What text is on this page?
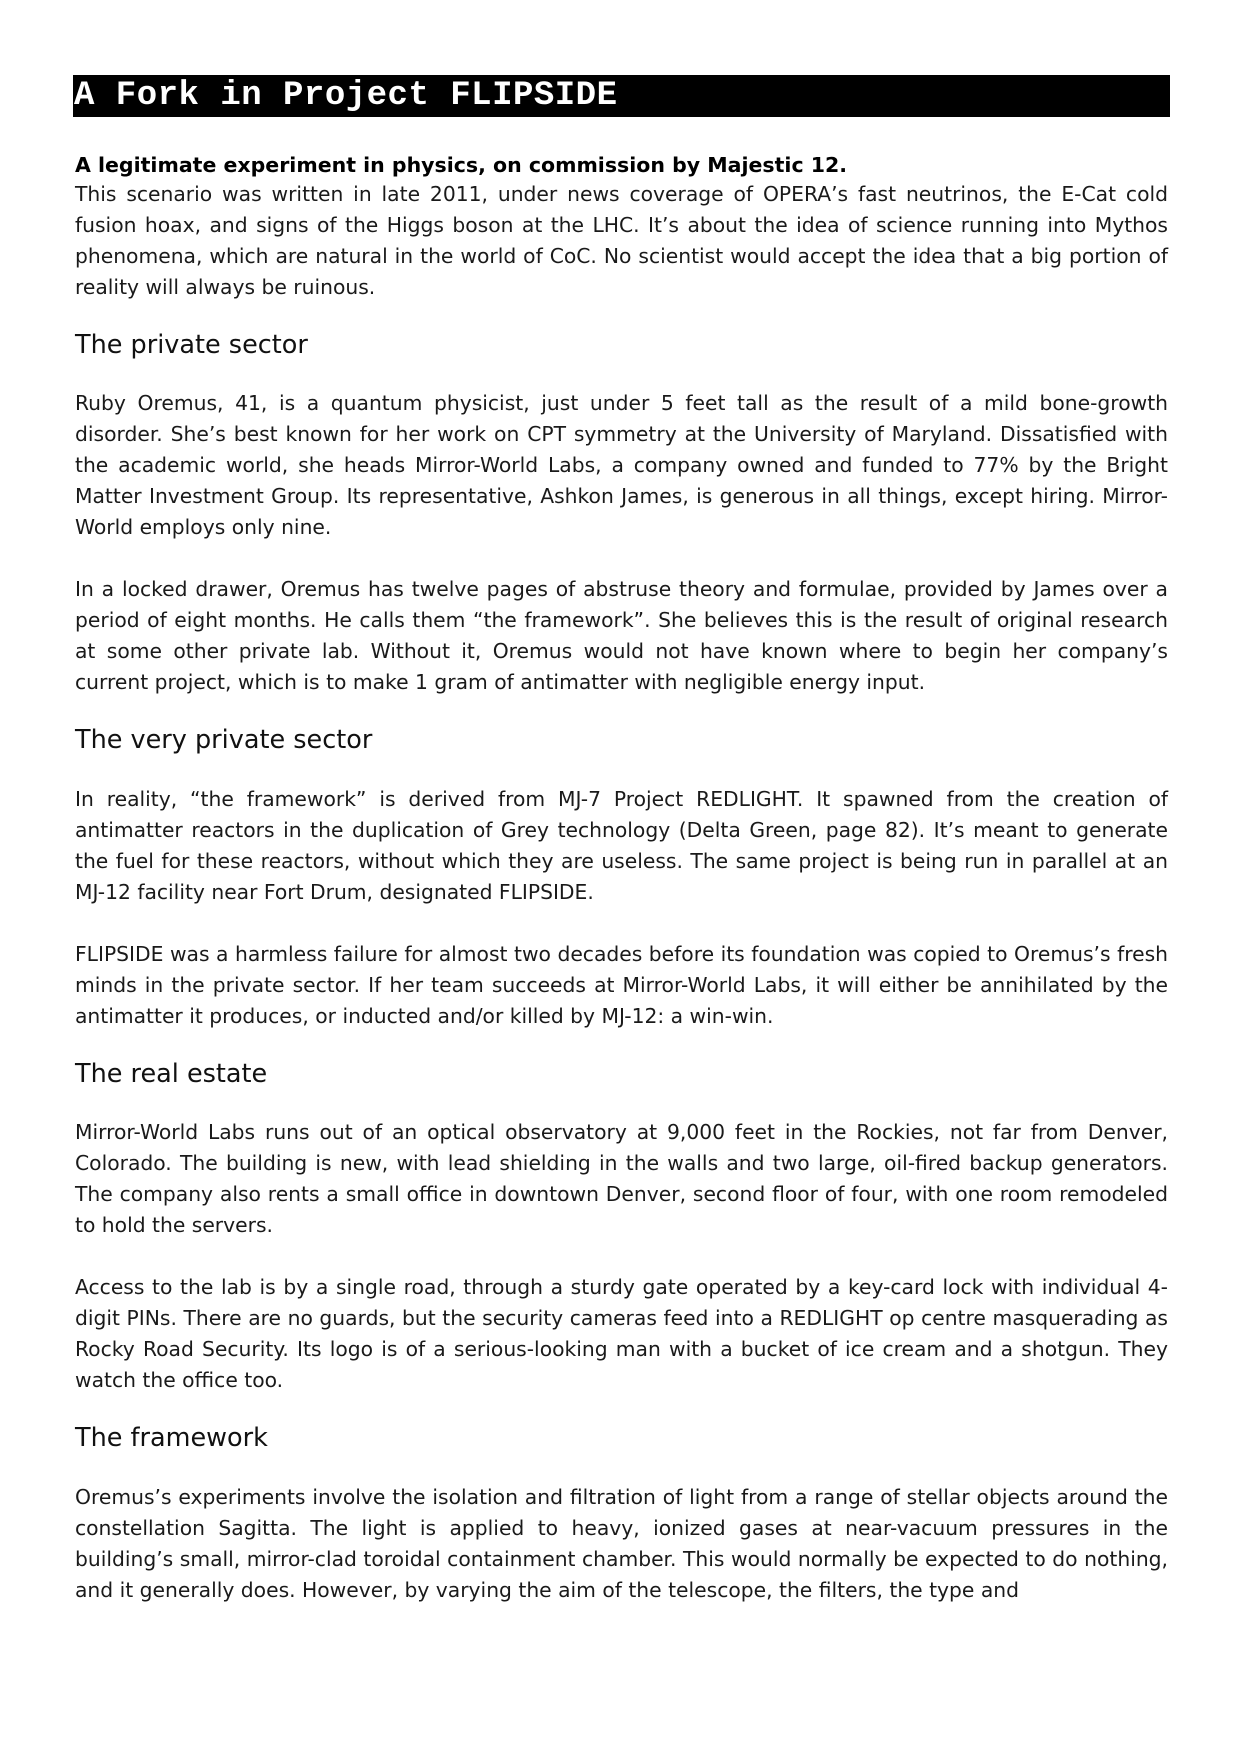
A Fork in Project FLIPSIDE
A legitimate experiment in physics, on commission by Majestic 12.

This scenario was written in late 2011, under news coverage of OPERA’s fast neutrinos, the E-Cat cold fusion hoax, and signs of the Higgs boson at the LHC. It’s about the idea of science running into Mythos phenomena, which are natural in the world of CoC. No scientist would accept the idea that a big portion of reality will always be ruinous.

The private sector

Ruby Oremus, 41, is a quantum physicist, just under 5 feet tall as the result of a mild bone-growth disorder. She’s best known for her work on CPT symmetry at the University of Maryland. Dissatisfied with the academic world, she heads Mirror-World Labs, a company owned and funded to 77% by the Bright Matter Investment Group. Its representative, Ashkon James, is generous in all things, except hiring. Mirror-World employs only nine.

In a locked drawer, Oremus has twelve pages of abstruse theory and formulae, provided by James over a period of eight months. He calls them “the framework”. She believes this is the result of original research at some other private lab. Without it, Oremus would not have known where to begin her company’s current project, which is to make 1 gram of antimatter with negligible energy input.

The very private sector

In reality, “the framework” is derived from MJ-7 Project REDLIGHT. It spawned from the creation of antimatter reactors in the duplication of Grey technology (Delta Green, page 82). It’s meant to generate the fuel for these reactors, without which they are useless. The same project is being run in parallel at an MJ-12 facility near Fort Drum, designated FLIPSIDE.

FLIPSIDE was a harmless failure for almost two decades before its foundation was copied to Oremus’s fresh minds in the private sector. If her team succeeds at Mirror-World Labs, it will either be annihilated by the antimatter it produces, or inducted and/or killed by MJ-12: a win-win.

The real estate

Mirror-World Labs runs out of an optical observatory at 9,000 feet in the Rockies, not far from Denver, Colorado. The building is new, with lead shielding in the walls and two large, oil-fired backup generators. The company also rents a small office in downtown Denver, second floor of four, with one room remodeled to hold the servers.

Access to the lab is by a single road, through a sturdy gate operated by a key-card lock with individual 4-digit PINs. There are no guards, but the security cameras feed into a REDLIGHT op centre masquerading as Rocky Road Security. Its logo is of a serious-looking man with a bucket of ice cream and a shotgun. They watch the office too.

The framework

Oremus’s experiments involve the isolation and filtration of light from a range of stellar objects around the constellation Sagitta. The light is applied to heavy, ionized gases at near-vacuum pressures in the building’s small, mirror-clad toroidal containment chamber. This would normally be expected to do nothing, and it generally does. However, by varying the aim of the telescope, the filters, the type and
